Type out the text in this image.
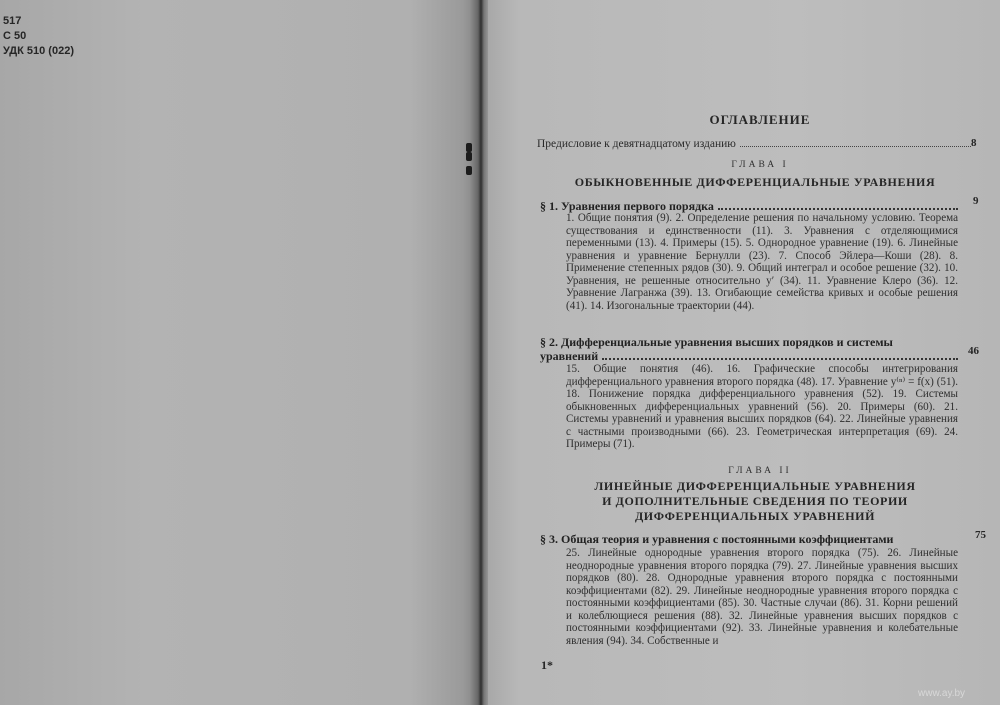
517
С 50
УДК 510 (022)
ОГЛАВЛЕНИЕ
Предисловие к девятнадцатому изданию	8
ГЛАВА I
ОБЫКНОВЕННЫЕ ДИФФЕРЕНЦИАЛЬНЫЕ УРАВНЕНИЯ
§ 1. Уравнения первого порядка	9
1. Общие понятия (9). 2. Определение решения по начальному условию. Теорема существования и единственности (11). 3. Уравнения с отделяющимися переменными (13). 4. Примеры (15). 5. Однородное уравнение (19). 6. Линейные уравнения и уравнение Бернулли (23). 7. Способ Эйлера—Коши (28). 8. Применение степенных рядов (30). 9. Общий интеграл и особое решение (32). 10. Уравнения, не решенные относительно y′ (34). 11. Уравнение Клеро (36). 12. Уравнение Лагранжа (39). 13. Огибающие семейства кривых и особые решения (41). 14. Изогональные траектории (44).
§ 2. Дифференциальные уравнения высших порядков и системы
уравнений	46
15. Общие понятия (46). 16. Графические способы интегрирования дифференциального уравнения второго порядка (48). 17. Уравнение y⁽ⁿ⁾ = f(x) (51). 18. Понижение порядка дифференциального уравнения (52). 19. Системы обыкновенных дифференциальных уравнений (56). 20. Примеры (60). 21. Системы уравнений и уравнения высших порядков (64). 22. Линейные уравнения с частными производными (66). 23. Геометрическая интерпретация (69). 24. Примеры (71).
ГЛАВА II
ЛИНЕЙНЫЕ ДИФФЕРЕНЦИАЛЬНЫЕ УРАВНЕНИЯ
И ДОПОЛНИТЕЛЬНЫЕ СВЕДЕНИЯ ПО ТЕОРИИ
ДИФФЕРЕНЦИАЛЬНЫХ УРАВНЕНИЙ
§ 3. Общая теория и уравнения с постоянными коэффициентами	75
25. Линейные однородные уравнения второго порядка (75). 26. Линейные неоднородные уравнения второго порядка (79). 27. Линейные уравнения высших порядков (80). 28. Однородные уравнения второго порядка с постоянными коэффициентами (82). 29. Линейные неоднородные уравнения второго порядка с постоянными коэффициентами (85). 30. Частные случаи (86). 31. Корни решений и колеблющиеся решения (88). 32. Линейные уравнения высших порядков с постоянными коэффициентами (92). 33. Линейные уравнения и колебательные явления (94). 34. Собственные и
1*
www.ay.by
